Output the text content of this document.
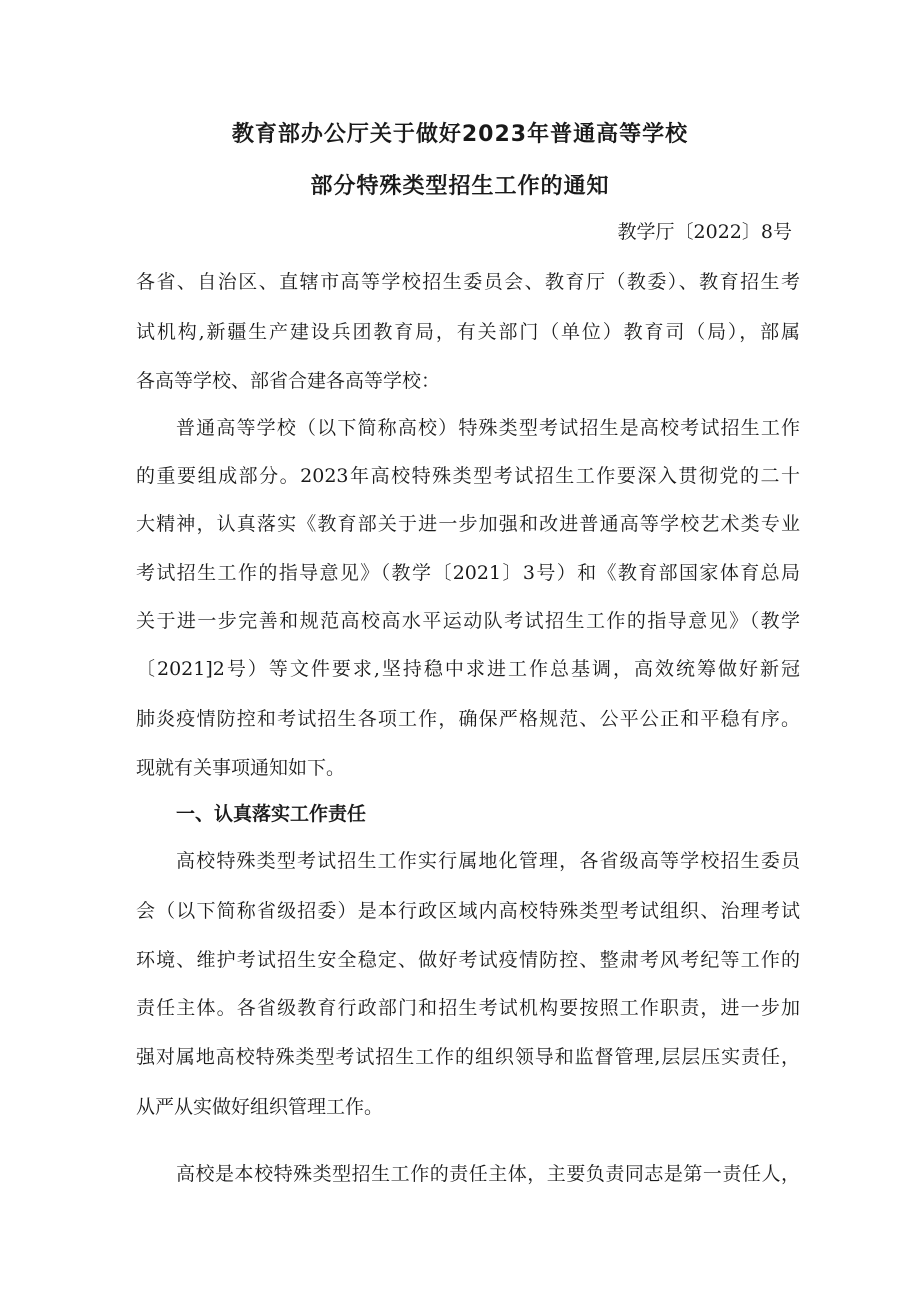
教育部办公厅关于做好2023年普通高等学校
部分特殊类型招生工作的通知
教学厅〔2022〕8号
各省、自治区、直辖市高等学校招生委员会、教育厅（教委）、教育招生考
试机构,新疆生产建设兵团教育局，有关部门（单位）教育司（局），部属
各高等学校、部省合建各高等学校：
普通高等学校（以下简称高校）特殊类型考试招生是高校考试招生工作
的重要组成部分。2023年高校特殊类型考试招生工作要深入贯彻党的二十
大精神，认真落实《教育部关于进一步加强和改进普通高等学校艺术类专业
考试招生工作的指导意见》（教学〔2021〕3号）和《教育部国家体育总局
关于进一步完善和规范高校高水平运动队考试招生工作的指导意见》（教学
〔2021]2号）等文件要求,坚持稳中求进工作总基调，高效统筹做好新冠
肺炎疫情防控和考试招生各项工作，确保严格规范、公平公正和平稳有序。
现就有关事项通知如下。
一、认真落实工作责任
高校特殊类型考试招生工作实行属地化管理，各省级高等学校招生委员
会（以下简称省级招委）是本行政区域内高校特殊类型考试组织、治理考试
环境、维护考试招生安全稳定、做好考试疫情防控、整肃考风考纪等工作的
责任主体。各省级教育行政部门和招生考试机构要按照工作职责，进一步加
强对属地高校特殊类型考试招生工作的组织领导和监督管理,层层压实责任，
从严从实做好组织管理工作。
高校是本校特殊类型招生工作的责任主体，主要负责同志是第一责任人，
